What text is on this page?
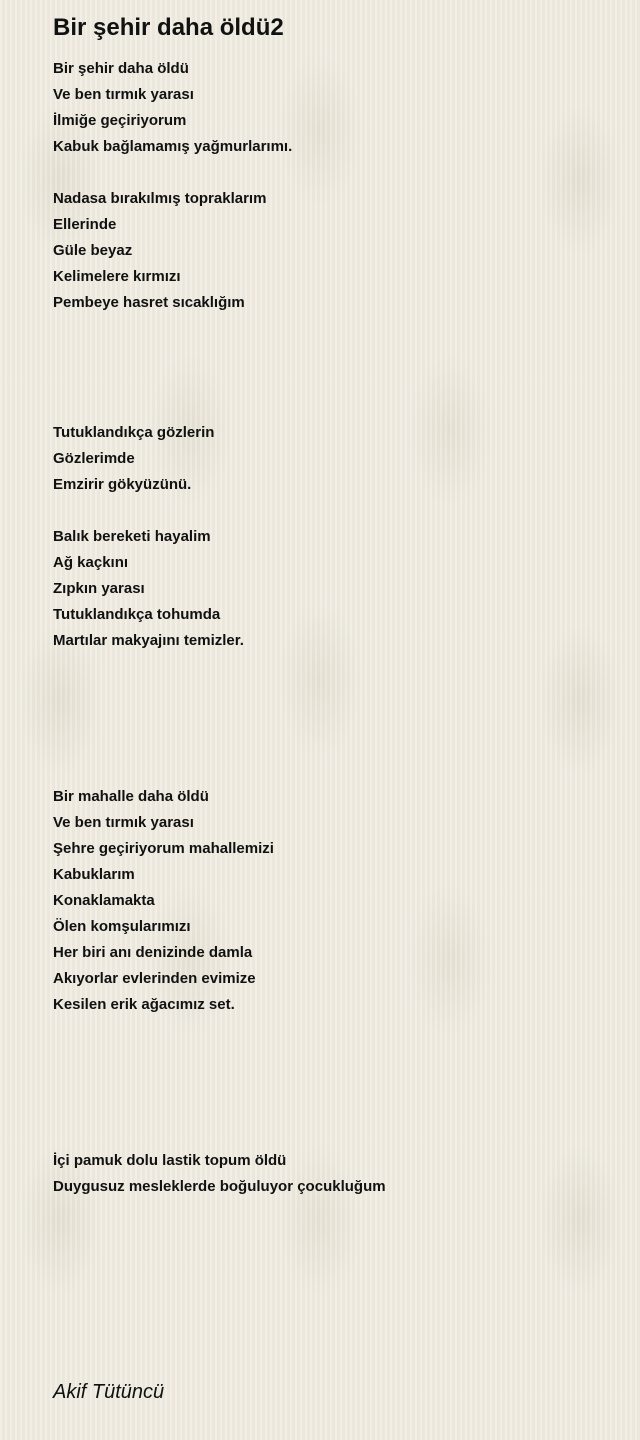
Bir şehir daha öldü2
Bir şehir daha öldü
Ve ben tırmık yarası
İlmiğe geçiriyorum
Kabuk bağlamamış yağmurlarımı.
Nadasa bırakılmış topraklarım
Ellerinde
Güle beyaz
Kelimelere kırmızı
Pembeye hasret sıcaklığım
Tutuklandıkça gözlerin
Gözlerimde
Emzirir gökyüzünü.
Balık bereketi hayalim
Ağ kaçkını
Zıpkın yarası
Tutuklandıkça tohumda
Martılar makyajını temizler.
Bir mahalle daha öldü
Ve ben tırmık yarası
Şehre geçiriyorum mahallemizi
Kabuklarım
Konaklamakta
Ölen komşularımızı
Her biri anı denizinde damla
Akıyorlar evlerinden evimize
Kesilen erik ağacımız set.
İçi pamuk dolu lastik topum öldü
Duygusuz mesleklerde boğuluyor çocukluğum
Akif Tütüncü
